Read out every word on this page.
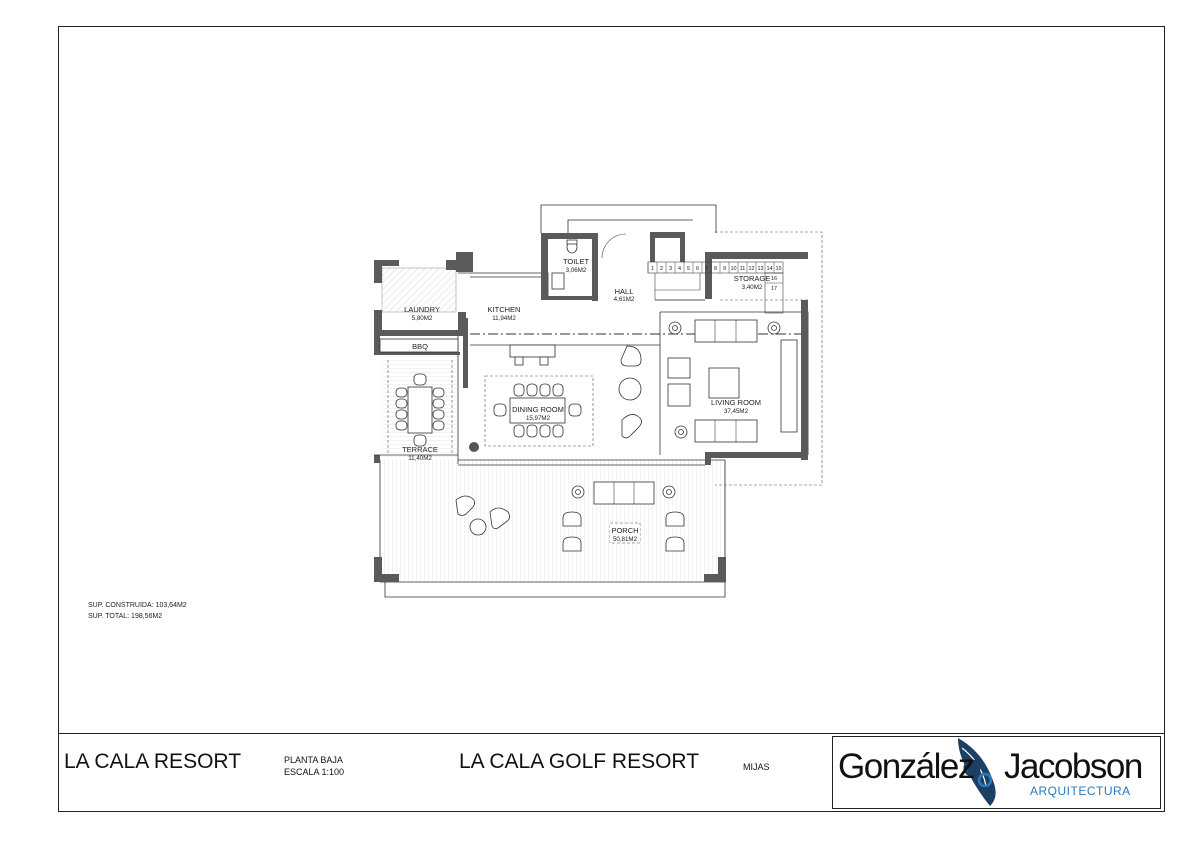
1 2 3 4 5 6 7 8 9 10 11 12 13 14 15
16
17
TOILET
3,06M2
HALL
4,61M2
STORAGE
3,40M2
LAUNDRY
5,80M2
KITCHEN
11,94M2
BBQ
DINING ROOM
15,97M2
LIVING ROOM
37,45M2
TERRACE
11,40M2
PORCH
50,81M2
SUP. CONSTRUIDA: 103,64M2
SUP. TOTAL: 198,56M2
LA CALA RESORT	PLANTA BAJA
ESCALA 1:100	LA CALA GOLF RESORT	MIJAS González Jacobson
ARQUITECTURA
